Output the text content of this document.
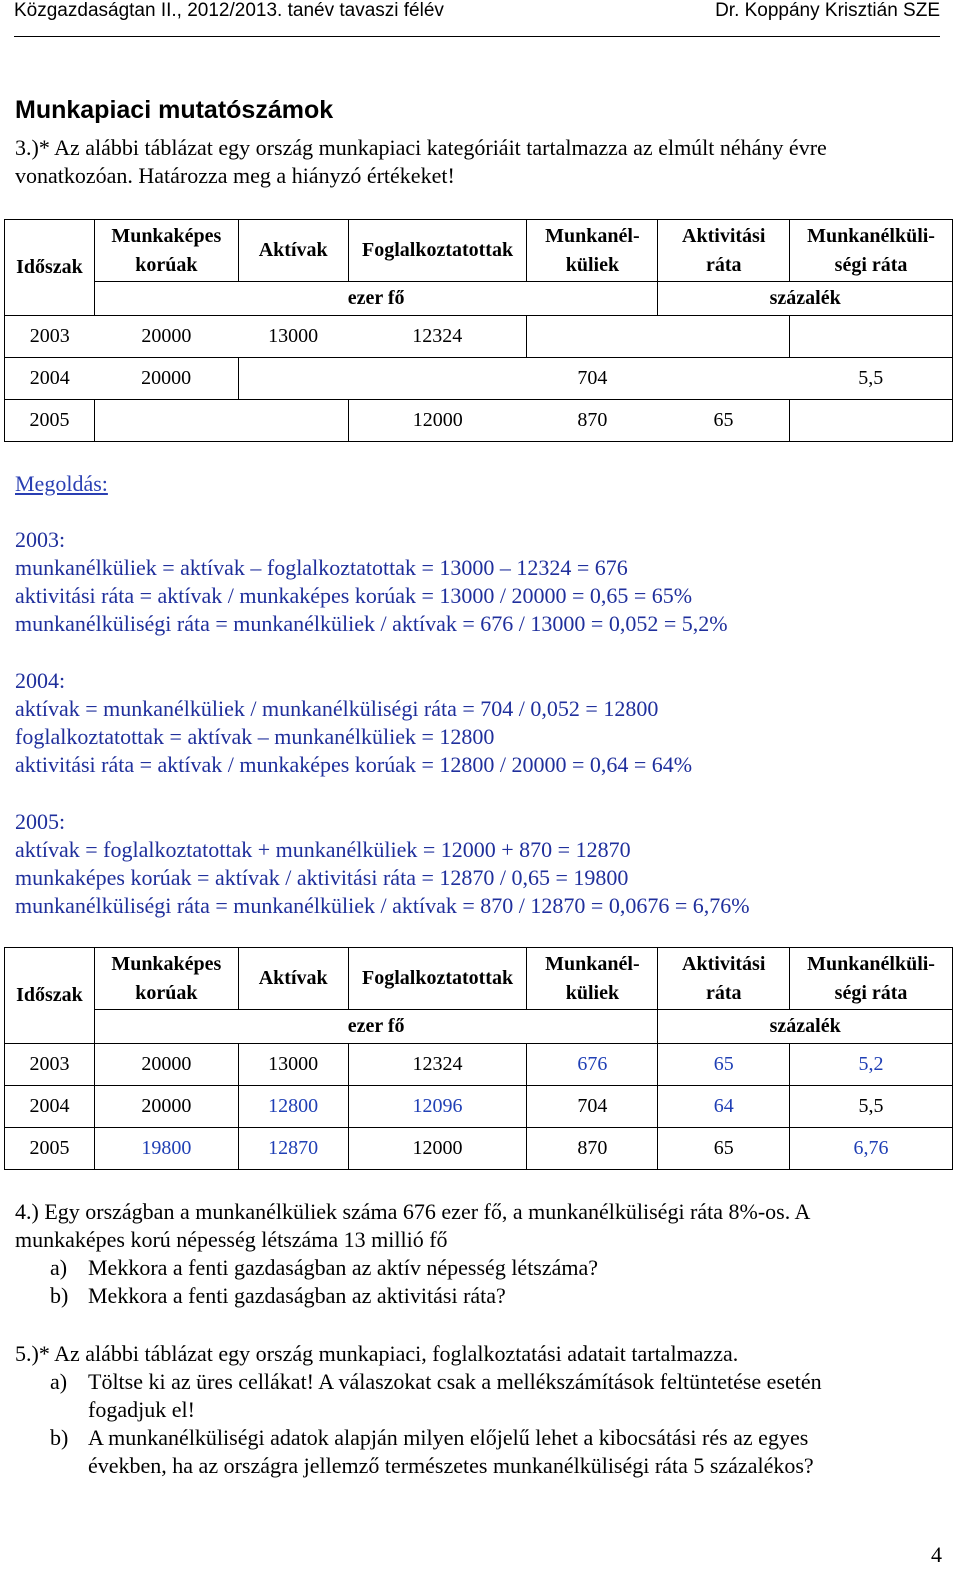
Közgazdaságtan II., 2012/2013. tanév tavaszi félév	Dr. Koppány Krisztián SZE
Munkapiaci mutatószámok
3.)* Az alábbi táblázat egy ország munkapiaci kategóriáit tartalmazza az elmúlt néhány évre
vonatkozóan. Határozza meg a hiányzó értékeket!
Időszak	Munkaképes
korúak	Aktívak	Foglalkoztatottak	Munkanél-
küliek	Aktivitási
ráta	Munkanélküli-
ségi ráta
	ezer fő				százalék	
2003	20000	13000	12324			
2004	20000			704		5,5
2005			12000	870	65	
Megoldás:
2003:
munkanélküliek = aktívak – foglalkoztatottak = 13000 – 12324 = 676
aktivitási ráta = aktívak / munkaképes korúak = 13000 / 20000 = 0,65 = 65%
munkanélküliségi ráta = munkanélküliek / aktívak = 676 / 13000 = 0,052 = 5,2%
2004:
aktívak = munkanélküliek / munkanélküliségi ráta = 704 / 0,052 = 12800
foglalkoztatottak = aktívak – munkanélküliek = 12800
aktivitási ráta = aktívak / munkaképes korúak = 12800 / 20000 = 0,64 = 64%
2005:
aktívak = foglalkoztatottak + munkanélküliek = 12000 + 870 = 12870
munkaképes korúak = aktívak / aktivitási ráta = 12870 / 0,65 = 19800
munkanélküliségi ráta = munkanélküliek / aktívak = 870 / 12870 = 0,0676 = 6,76%
Időszak	Munkaképes
korúak	Aktívak	Foglalkoztatottak	Munkanél-
küliek	Aktivitási
ráta	Munkanélküli-
ségi ráta
	ezer fő				százalék	
2003	20000	13000	12324	676	65	5,2
2004	20000	12800	12096	704	64	5,5
2005	19800	12870	12000	870	65	6,76
4.) Egy országban a munkanélküliek száma 676 ezer fő, a munkanélküliségi ráta 8%-os. A
munkaképes korú népesség létszáma 13 millió fő
a) Mekkora a fenti gazdaságban az aktív népesség létszáma?
b) Mekkora a fenti gazdaságban az aktivitási ráta?
5.)* Az alábbi táblázat egy ország munkapiaci, foglalkoztatási adatait tartalmazza.
a) Töltse ki az üres cellákat! A válaszokat csak a mellékszámítások feltüntetése esetén
fogadjuk el!
b) A munkanélküliségi adatok alapján milyen előjelű lehet a kibocsátási rés az egyes
években, ha az országra jellemző természetes munkanélküliségi ráta 5 százalékos?
4
